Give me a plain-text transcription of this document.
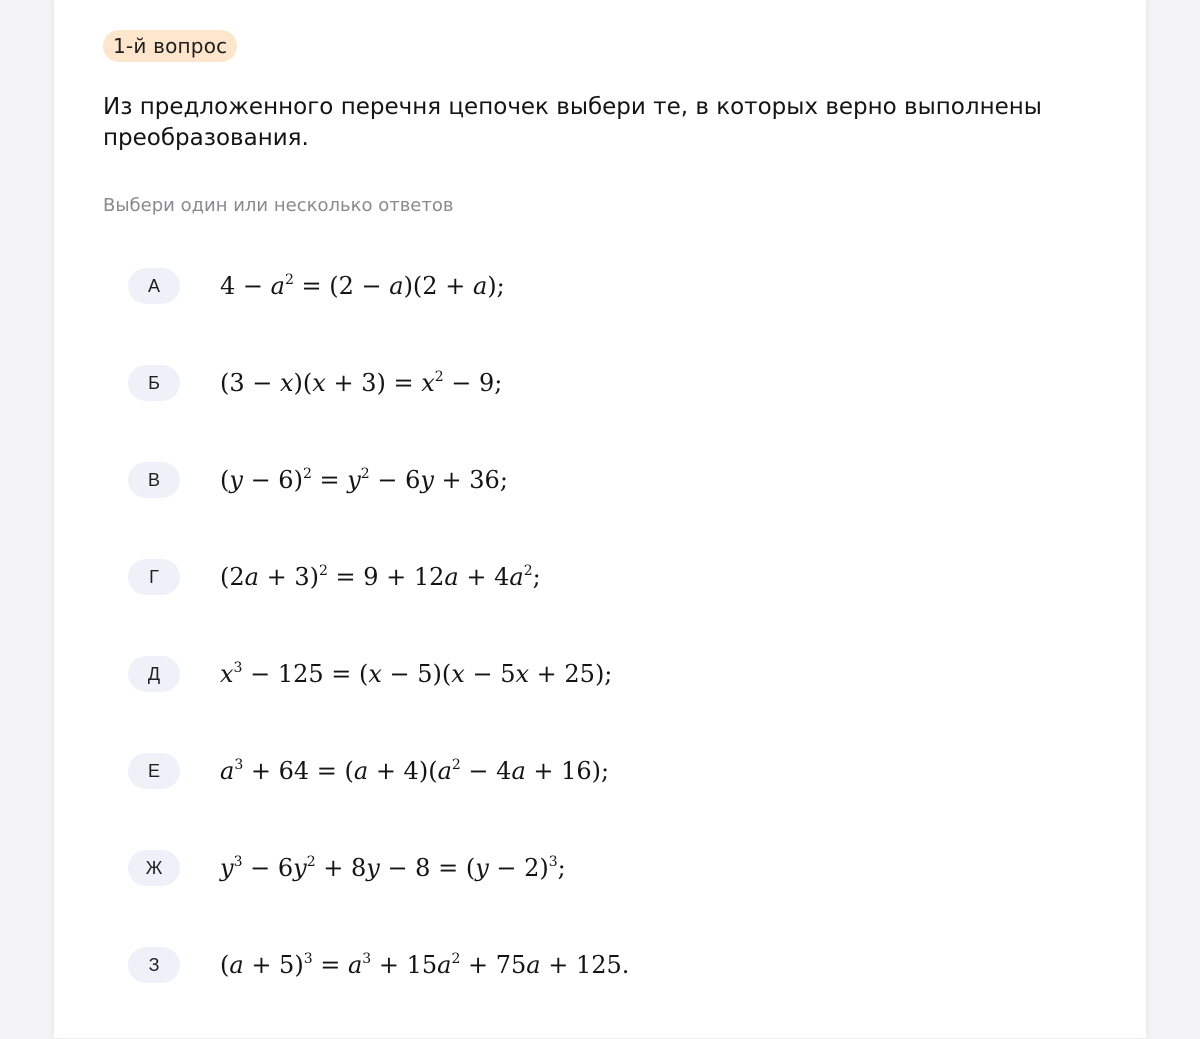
1-й вопрос
Из предложенного перечня цепочек выбери те, в которых верно выполнены преобразования.
Выбери один или несколько ответов
А	$4 - a^2 = (2 - a)(2 + a)$;
Б	$(3 - x)(x + 3) = x^2 - 9$;
В	$(y - 6)^2 = y^2 - 6y + 36$;
Г	$(2a + 3)^2 = 9 + 12a + 4a^2$;
Д	$x^3 - 125 = (x - 5)(x - 5x + 25)$;
Е	$a^3 + 64 = (a + 4)(a^2 - 4a + 16)$;
Ж	$y^3 - 6y^2 + 8y - 8 = (y - 2)^3$;
З	$(a + 5)^3 = a^3 + 15a^2 + 75a + 125$.
